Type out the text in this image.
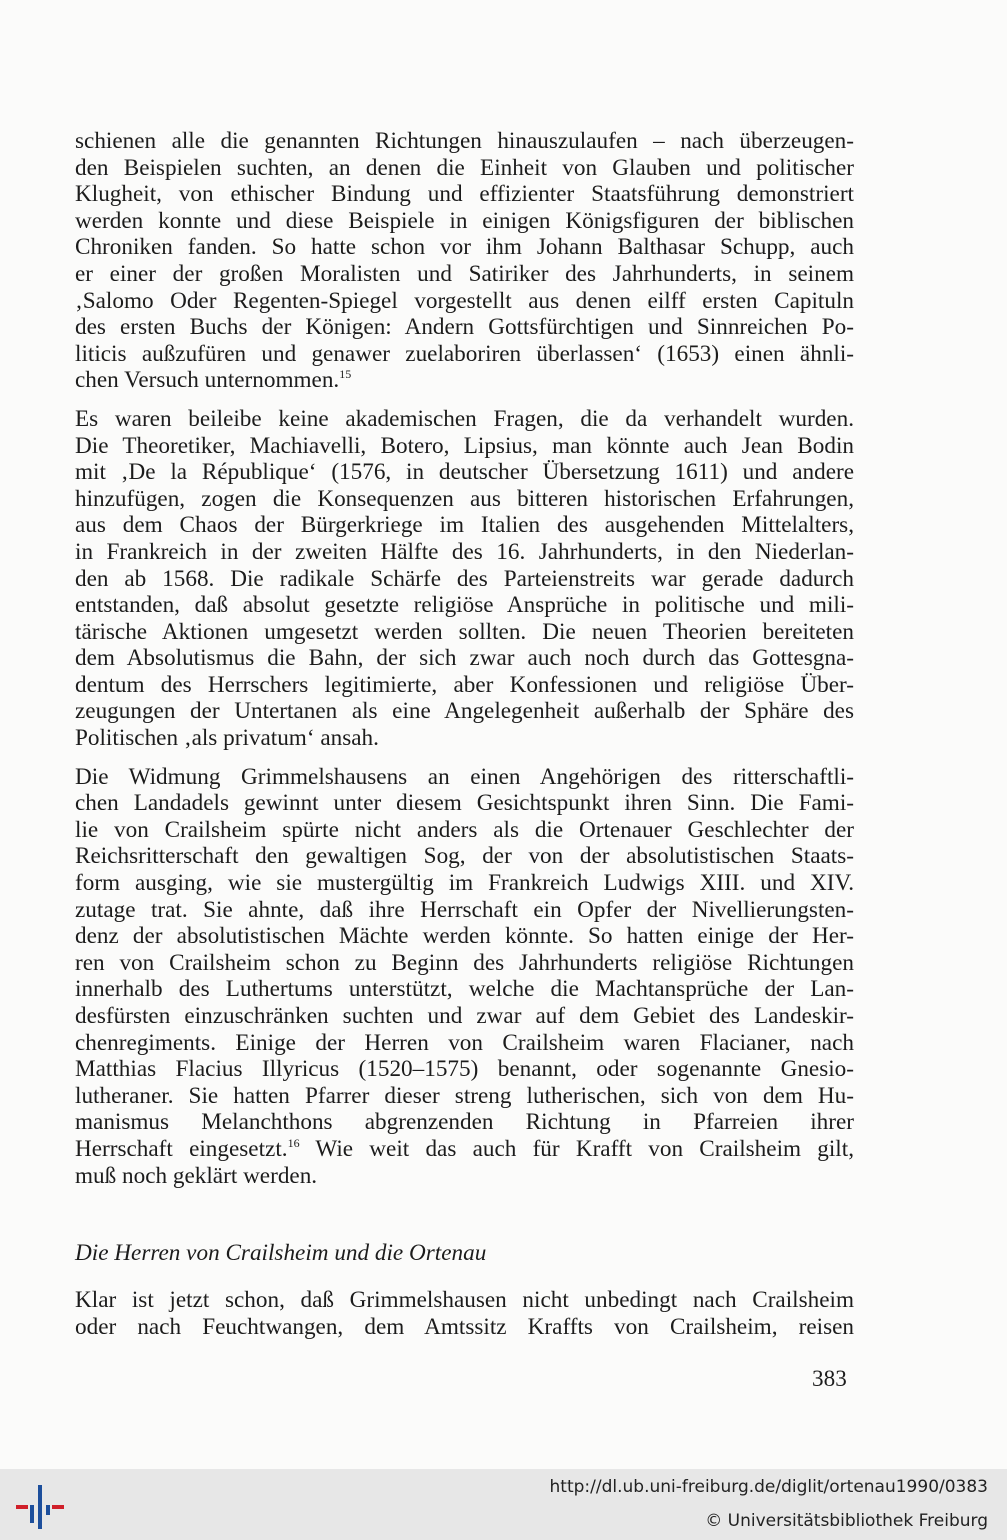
schienen alle die genannten Richtungen hinauszulaufen – nach überzeugen-
den Beispielen suchten, an denen die Einheit von Glauben und politischer
Klugheit, von ethischer Bindung und effizienter Staatsführung demonstriert
werden konnte und diese Beispiele in einigen Königsfiguren der biblischen
Chroniken fanden. So hatte schon vor ihm Johann Balthasar Schupp, auch
er einer der großen Moralisten und Satiriker des Jahrhunderts, in seinem
‚Salomo Oder Regenten-Spiegel vorgestellt aus denen eilff ersten Capituln
des ersten Buchs der Königen: Andern Gottsfürchtigen und Sinnreichen Po-
liticis außzufüren und genawer zuelaboriren überlassen‘ (1653) einen ähnli-
chen Versuch unternommen.$^{15}$

Es waren beileibe keine akademischen Fragen, die da verhandelt wurden.
Die Theoretiker, Machiavelli, Botero, Lipsius, man könnte auch Jean Bodin
mit ‚De la République‘ (1576, in deutscher Übersetzung 1611) und andere
hinzufügen, zogen die Konsequenzen aus bitteren historischen Erfahrungen,
aus dem Chaos der Bürgerkriege im Italien des ausgehenden Mittelalters,
in Frankreich in der zweiten Hälfte des 16. Jahrhunderts, in den Niederlan-
den ab 1568. Die radikale Schärfe des Parteienstreits war gerade dadurch
entstanden, daß absolut gesetzte religiöse Ansprüche in politische und mili-
tärische Aktionen umgesetzt werden sollten. Die neuen Theorien bereiteten
dem Absolutismus die Bahn, der sich zwar auch noch durch das Gottesgna-
dentum des Herrschers legitimierte, aber Konfessionen und religiöse Über-
zeugungen der Untertanen als eine Angelegenheit außerhalb der Sphäre des
Politischen ‚als privatum‘ ansah.

Die Widmung Grimmelshausens an einen Angehörigen des ritterschaftli-
chen Landadels gewinnt unter diesem Gesichtspunkt ihren Sinn. Die Fami-
lie von Crailsheim spürte nicht anders als die Ortenauer Geschlechter der
Reichsritterschaft den gewaltigen Sog, der von der absolutistischen Staats-
form ausging, wie sie mustergültig im Frankreich Ludwigs XIII. und XIV.
zutage trat. Sie ahnte, daß ihre Herrschaft ein Opfer der Nivellierungsten-
denz der absolutistischen Mächte werden könnte. So hatten einige der Her-
ren von Crailsheim schon zu Beginn des Jahrhunderts religiöse Richtungen
innerhalb des Luthertums unterstützt, welche die Machtansprüche der Lan-
desfürsten einzuschränken suchten und zwar auf dem Gebiet des Landeskir-
chenregiments. Einige der Herren von Crailsheim waren Flacianer, nach
Matthias Flacius Illyricus (1520–1575) benannt, oder sogenannte Gnesio-
lutheraner. Sie hatten Pfarrer dieser streng lutherischen, sich von dem Hu-
manismus Melanchthons abgrenzenden Richtung in Pfarreien ihrer
Herrschaft eingesetzt.$^{16}$ Wie weit das auch für Krafft von Crailsheim gilt,
muß noch geklärt werden.

Die Herren von Crailsheim und die Ortenau

Klar ist jetzt schon, daß Grimmelshausen nicht unbedingt nach Crailsheim
oder nach Feuchtwangen, dem Amtssitz Kraffts von Crailsheim, reisen

383
http://dl.ub.uni-freiburg.de/diglit/ortenau1990/0383
© Universitätsbibliothek Freiburg
